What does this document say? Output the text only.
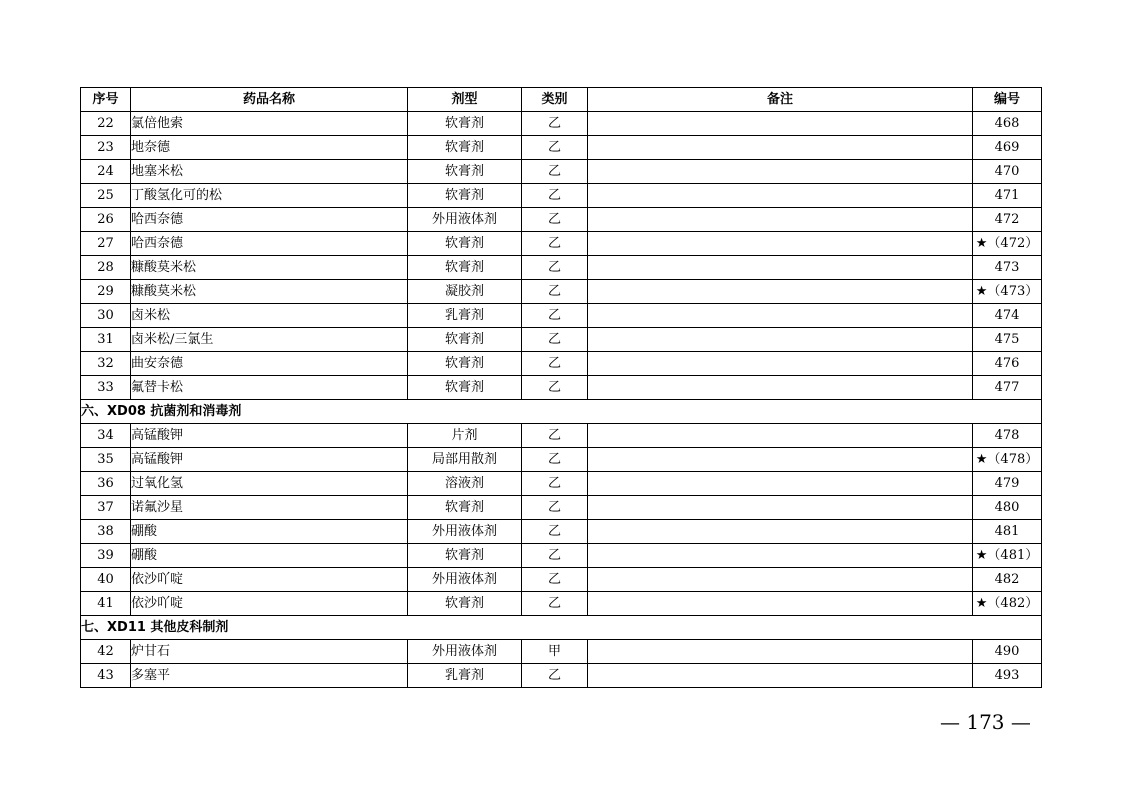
序号	药品名称	剂型	类别	备注	编号
22	氯倍他索	软膏剂	乙		468
23	地奈德	软膏剂	乙		469
24	地塞米松	软膏剂	乙		470
25	丁酸氢化可的松	软膏剂	乙		471
26	哈西奈德	外用液体剂	乙		472
27	哈西奈德	软膏剂	乙		★（472）
28	糠酸莫米松	软膏剂	乙		473
29	糠酸莫米松	凝胶剂	乙		★（473）
30	卤米松	乳膏剂	乙		474
31	卤米松/三氯生	软膏剂	乙		475
32	曲安奈德	软膏剂	乙		476
33	氟替卡松	软膏剂	乙		477
六、XD08 抗菌剂和消毒剂					
34	高锰酸钾	片剂	乙		478
35	高锰酸钾	局部用散剂	乙		★（478）
36	过氧化氢	溶液剂	乙		479
37	诺氟沙星	软膏剂	乙		480
38	硼酸	外用液体剂	乙		481
39	硼酸	软膏剂	乙		★（481）
40	依沙吖啶	外用液体剂	乙		482
41	依沙吖啶	软膏剂	乙		★（482）
七、XD11 其他皮科制剂					
42	炉甘石	外用液体剂	甲		490
43	多塞平	乳膏剂	乙		493
— 173 —
